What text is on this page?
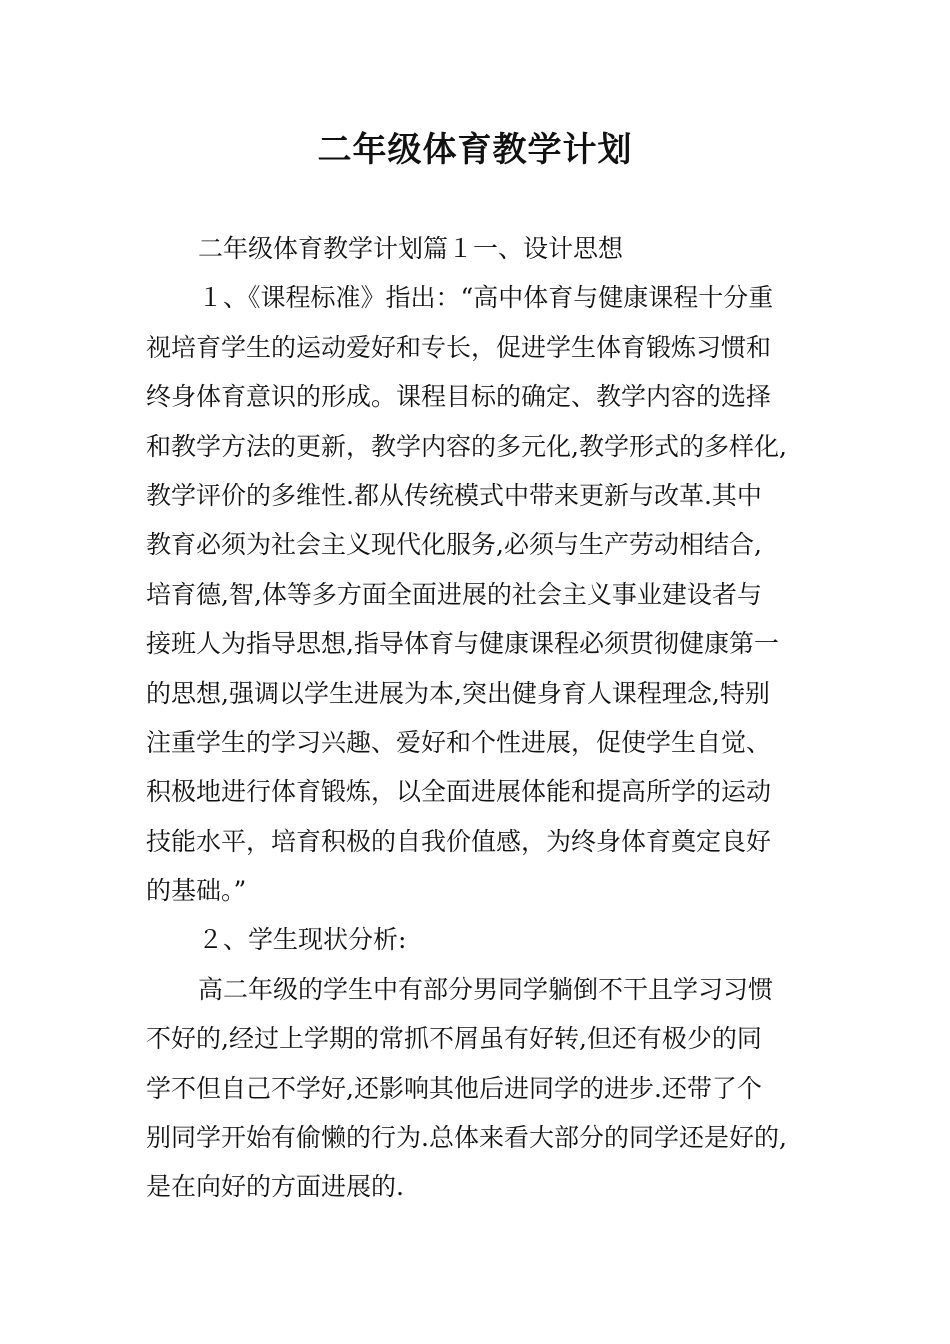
二年级体育教学计划

二年级体育教学计划篇１一、设计思想

１、《课程标准》指出：“高中体育与健康课程十分重

视培育学生的运动爱好和专长，促进学生体育锻炼习惯和

终身体育意识的形成。课程目标的确定、教学内容的选择

和教学方法的更新，教学内容的多元化,教学形式的多样化,

教学评价的多维性.都从传统模式中带来更新与改革.其中

教育必须为社会主义现代化服务,必须与生产劳动相结合,

培育德,智,体等多方面全面进展的社会主义事业建设者与

接班人为指导思想,指导体育与健康课程必须贯彻健康第一

的思想,强调以学生进展为本,突出健身育人课程理念,特别

注重学生的学习兴趣、爱好和个性进展，促使学生自觉、

积极地进行体育锻炼，以全面进展体能和提高所学的运动

技能水平，培育积极的自我价值感，为终身体育奠定良好

的基础。”

２、学生现状分析:

高二年级的学生中有部分男同学躺倒不干且学习习惯

不好的,经过上学期的常抓不屑虽有好转,但还有极少的同

学不但自己不学好,还影响其他后进同学的进步.还带了个

别同学开始有偷懒的行为.总体来看大部分的同学还是好的,

是在向好的方面进展的.
